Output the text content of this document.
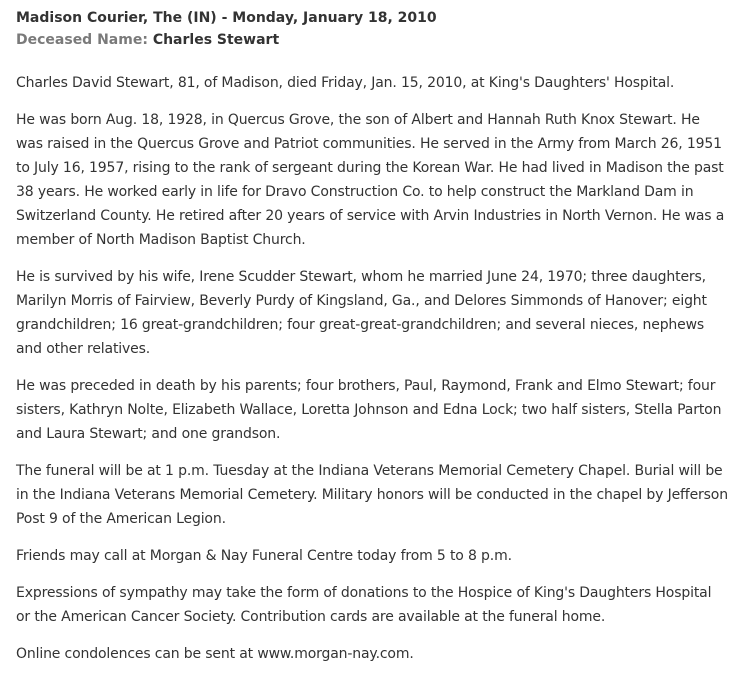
Madison Courier, The (IN) - Monday, January 18, 2010
Deceased Name: Charles Stewart

Charles David Stewart, 81, of Madison, died Friday, Jan. 15, 2010, at King's Daughters' Hospital.

He was born Aug. 18, 1928, in Quercus Grove, the son of Albert and Hannah Ruth Knox Stewart. He was raised in the Quercus Grove and Patriot communities. He served in the Army from March 26, 1951 to July 16, 1957, rising to the rank of sergeant during the Korean War. He had lived in Madison the past 38 years. He worked early in life for Dravo Construction Co. to help construct the Markland Dam in Switzerland County. He retired after 20 years of service with Arvin Industries in North Vernon. He was a member of North Madison Baptist Church.

He is survived by his wife, Irene Scudder Stewart, whom he married June 24, 1970; three daughters, Marilyn Morris of Fairview, Beverly Purdy of Kingsland, Ga., and Delores Simmonds of Hanover; eight grandchildren; 16 great-grandchildren; four great-great-grandchildren; and several nieces, nephews and other relatives.

He was preceded in death by his parents; four brothers, Paul, Raymond, Frank and Elmo Stewart; four sisters, Kathryn Nolte, Elizabeth Wallace, Loretta Johnson and Edna Lock; two half sisters, Stella Parton and Laura Stewart; and one grandson.

The funeral will be at 1 p.m. Tuesday at the Indiana Veterans Memorial Cemetery Chapel. Burial will be in the Indiana Veterans Memorial Cemetery. Military honors will be conducted in the chapel by Jefferson Post 9 of the American Legion.

Friends may call at Morgan & Nay Funeral Centre today from 5 to 8 p.m.

Expressions of sympathy may take the form of donations to the Hospice of King's Daughters Hospital or the American Cancer Society. Contribution cards are available at the funeral home.

Online condolences can be sent at www.morgan-nay.com.
